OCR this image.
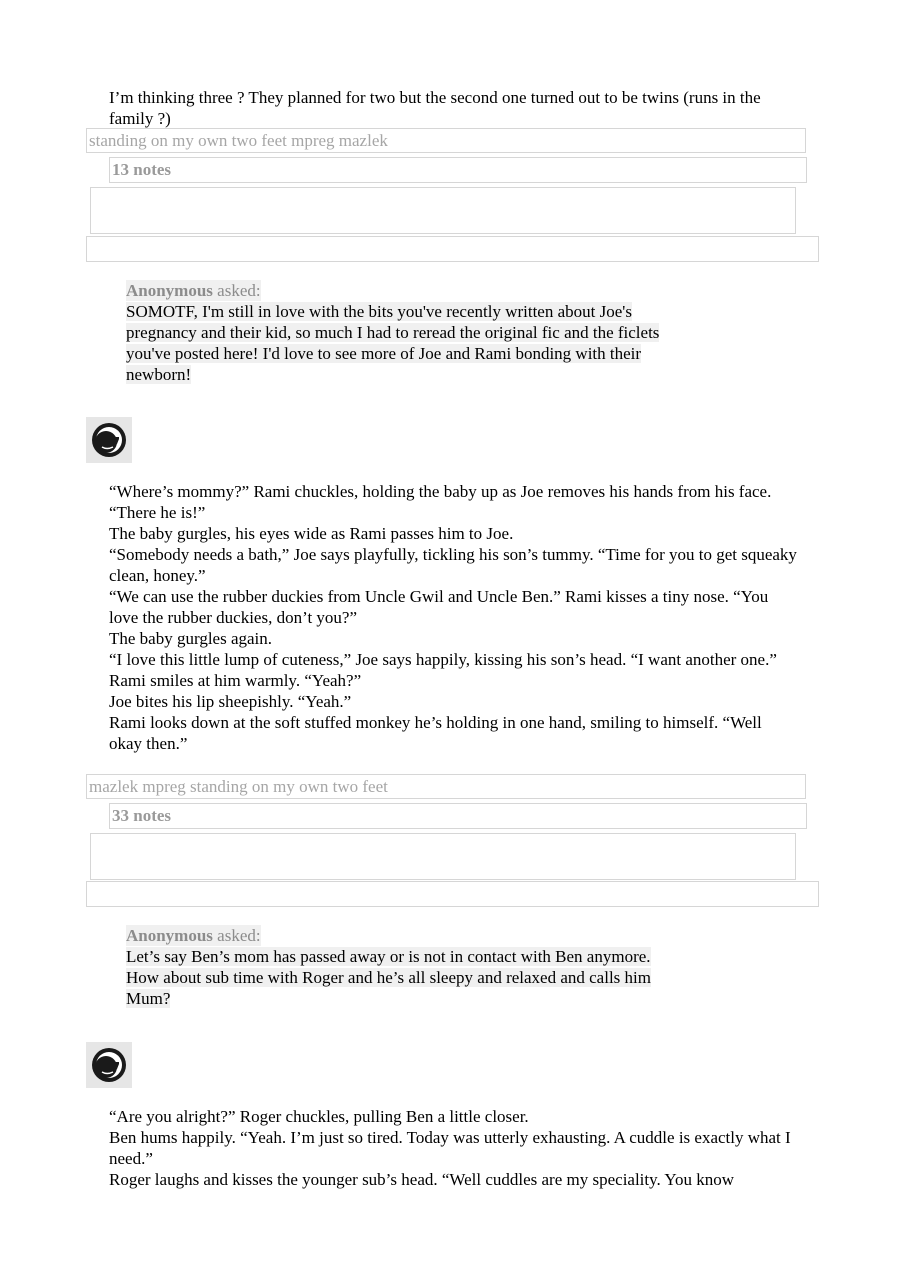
I’m thinking three ? They planned for two but the second one turned out to be twins (runs in the family ?)

standing on my own two feet mpreg mazlek
13 notes
Anonymous asked:
SOMOTF, I'm still in love with the bits you've recently written about Joe's
pregnancy and their kid, so much I had to reread the original fic and the ficlets
you've posted here! I'd love to see more of Joe and Rami bonding with their
newborn!

“Where’s mommy?” Rami chuckles, holding the baby up as Joe removes his hands from his face. “There he is!”

The baby gurgles, his eyes wide as Rami passes him to Joe.

“Somebody needs a bath,” Joe says playfully, tickling his son’s tummy. “Time for you to get squeaky clean, honey.”

“We can use the rubber duckies from Uncle Gwil and Uncle Ben.” Rami kisses a tiny nose. “You love the rubber duckies, don’t you?”

The baby gurgles again.

“I love this little lump of cuteness,” Joe says happily, kissing his son’s head. “I want another one.”

Rami smiles at him warmly. “Yeah?”

Joe bites his lip sheepishly. “Yeah.”

Rami looks down at the soft stuffed monkey he’s holding in one hand, smiling to himself. “Well okay then.”

mazlek mpreg standing on my own two feet
33 notes
Anonymous asked:
Let’s say Ben’s mom has passed away or is not in contact with Ben anymore.
How about sub time with Roger and he’s all sleepy and relaxed and calls him
Mum?

“Are you alright?” Roger chuckles, pulling Ben a little closer.

Ben hums happily. “Yeah. I’m just so tired. Today was utterly exhausting. A cuddle is exactly what I need.”

Roger laughs and kisses the younger sub’s head. “Well cuddles are my speciality. You know
